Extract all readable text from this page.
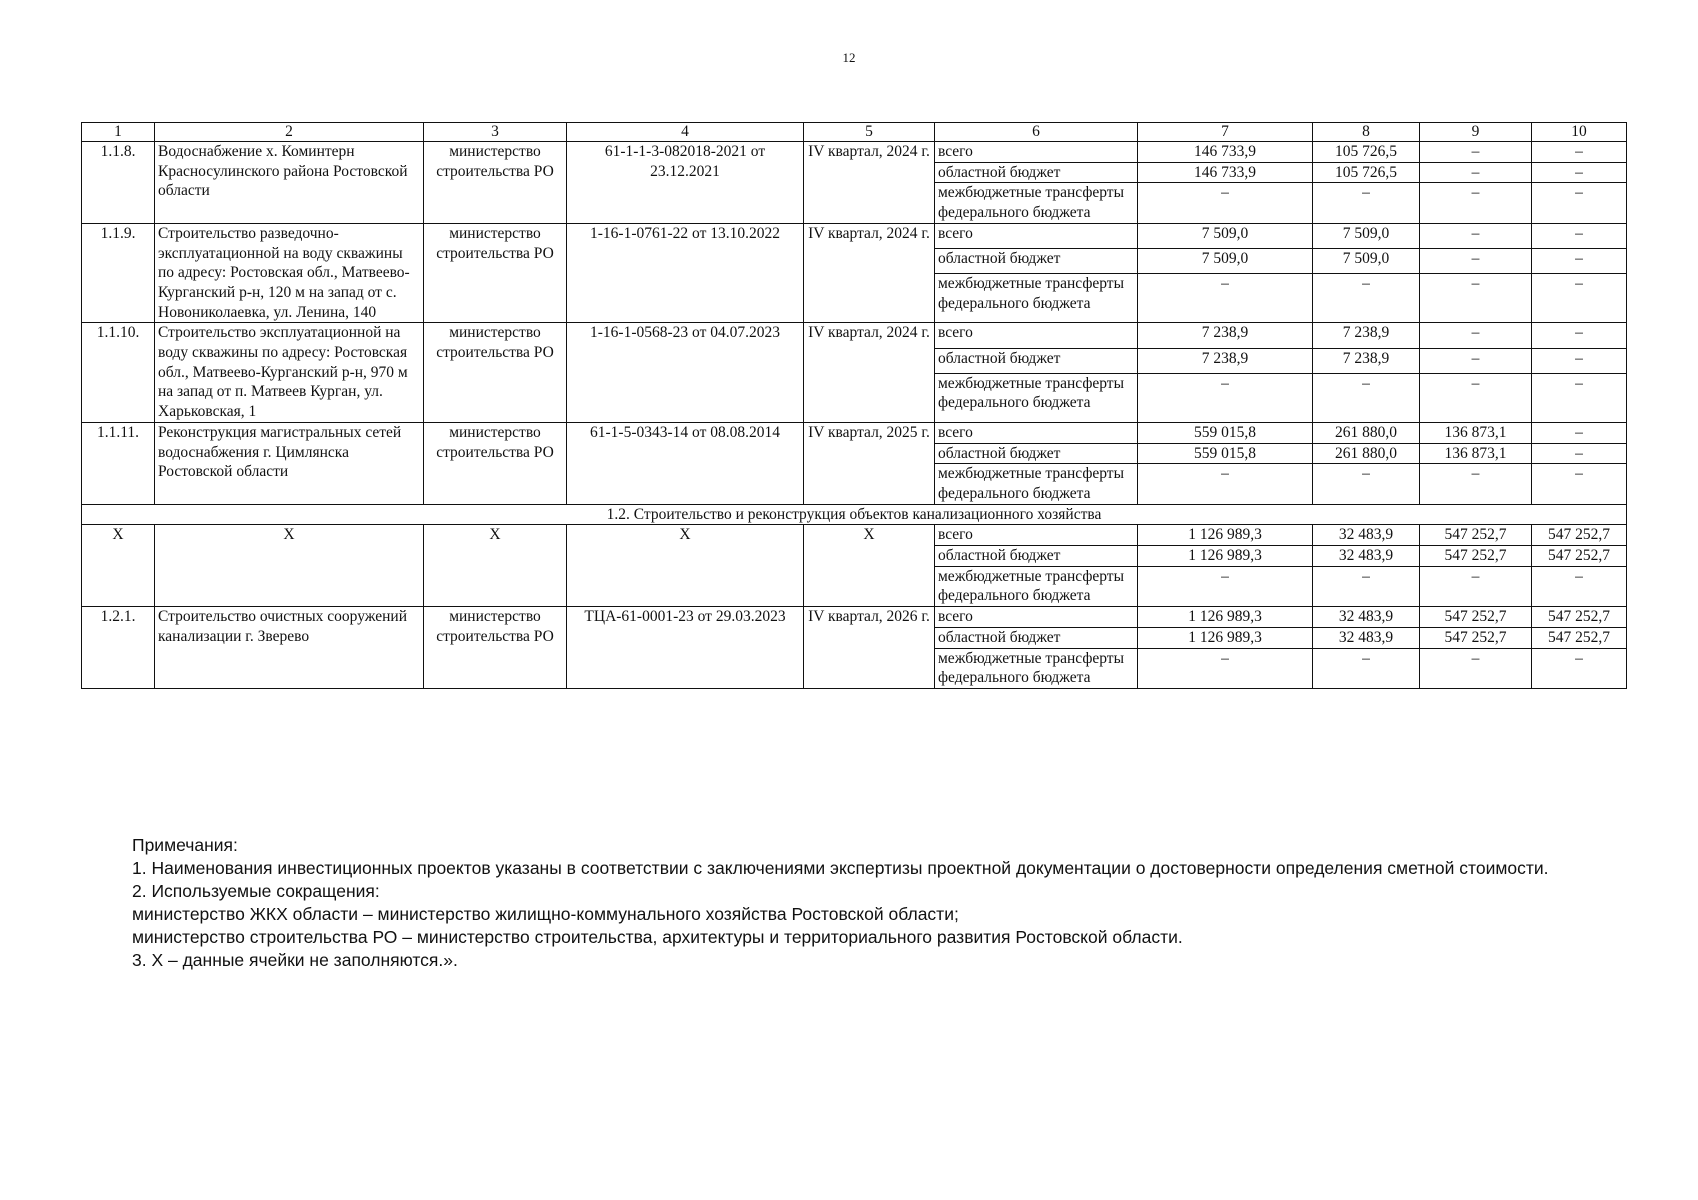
12
1	2	3	4	5	6	7	8	9	10
1.1.8.	Водоснабжение х. Коминтерн Красносулинского района Ростовской области	министерство строительства РО	61-1-1-3-082018-2021 от 23.12.2021	IV квартал, 2024 г.	всего	146 733,9	105 726,5	–	–
					областной бюджет	146 733,9	105 726,5	–	–
					межбюджетные трансферты федерального бюджета	–	–	–	–
1.1.9.	Строительство разведочно-эксплуатационной на воду скважины по адресу: Ростовская обл., Матвеево-Курганский р-н, 120 м на запад от с. Новониколаевка, ул. Ленина, 140	министерство строительства РО	1-16-1-0761-22 от 13.10.2022	IV квартал, 2024 г.	всего	7 509,0	7 509,0	–	–
					областной бюджет	7 509,0	7 509,0	–	–
					межбюджетные трансферты федерального бюджета	–	–	–	–
1.1.10.	Строительство эксплуатационной на воду скважины по адресу: Ростовская обл., Матвеево-Курганский р-н, 970 м на запад от п. Матвеев Курган, ул. Харьковская, 1	министерство строительства РО	1-16-1-0568-23 от 04.07.2023	IV квартал, 2024 г.	всего	7 238,9	7 238,9	–	–
					областной бюджет	7 238,9	7 238,9	–	–
					межбюджетные трансферты федерального бюджета	–	–	–	–
1.1.11.	Реконструкция магистральных сетей водоснабжения г. Цимлянска Ростовской области	министерство строительства РО	61-1-5-0343-14 от 08.08.2014	IV квартал, 2025 г.	всего	559 015,8	261 880,0	136 873,1	–
					областной бюджет	559 015,8	261 880,0	136 873,1	–
					межбюджетные трансферты федерального бюджета	–	–	–	–
1.2. Строительство и реконструкция объектов канализационного хозяйства									
X	X	X	X	X	всего	1 126 989,3	32 483,9	547 252,7	547 252,7
					областной бюджет	1 126 989,3	32 483,9	547 252,7	547 252,7
					межбюджетные трансферты федерального бюджета	–	–	–	–
1.2.1.	Строительство очистных сооружений канализации г. Зверево	министерство строительства РО	ТЦА-61-0001-23 от 29.03.2023	IV квартал, 2026 г.	всего	1 126 989,3	32 483,9	547 252,7	547 252,7
					областной бюджет	1 126 989,3	32 483,9	547 252,7	547 252,7
					межбюджетные трансферты федерального бюджета	–	–	–	–
Примечания:
1. Наименования инвестиционных проектов указаны в соответствии с заключениями экспертизы проектной документации о достоверности определения сметной стоимости.
2. Используемые сокращения:
министерство ЖКХ области – министерство жилищно-коммунального хозяйства Ростовской области;
министерство строительства РО – министерство строительства, архитектуры и территориального развития Ростовской области.
3. X – данные ячейки не заполняются.».
